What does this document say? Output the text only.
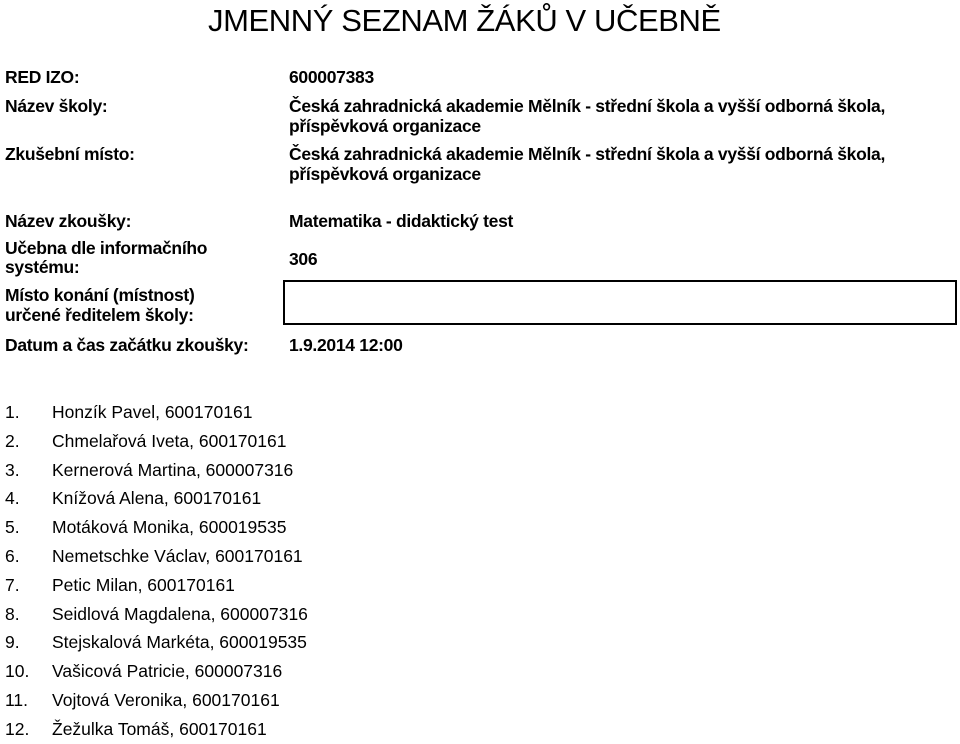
JMENNÝ SEZNAM ŽÁKŮ V UČEBNĚ
RED IZO:	600007383
Název školy:	Česká zahradnická akademie Mělník - střední škola a vyšší odborná škola,
příspěvková organizace
Zkušební místo:	Česká zahradnická akademie Mělník - střední škola a vyšší odborná škola,
příspěvková organizace
Název zkoušky:	Matematika - didaktický test
Učebna dle informačního
systému:	306
Místo konání (místnost)
určené ředitelem školy:
Datum a čas začátku zkoušky: 1.9.2014 12:00
1. Honzík Pavel, 600170161
2. Chmelařová Iveta, 600170161
3. Kernerová Martina, 600007316
4. Knížová Alena, 600170161
5. Motáková Monika, 600019535
6. Nemetschke Václav, 600170161
7. Petic Milan, 600170161
8. Seidlová Magdalena, 600007316
9. Stejskalová Markéta, 600019535
10. Vašicová Patricie, 600007316
11. Vojtová Veronika, 600170161
12. Žežulka Tomáš, 600170161
